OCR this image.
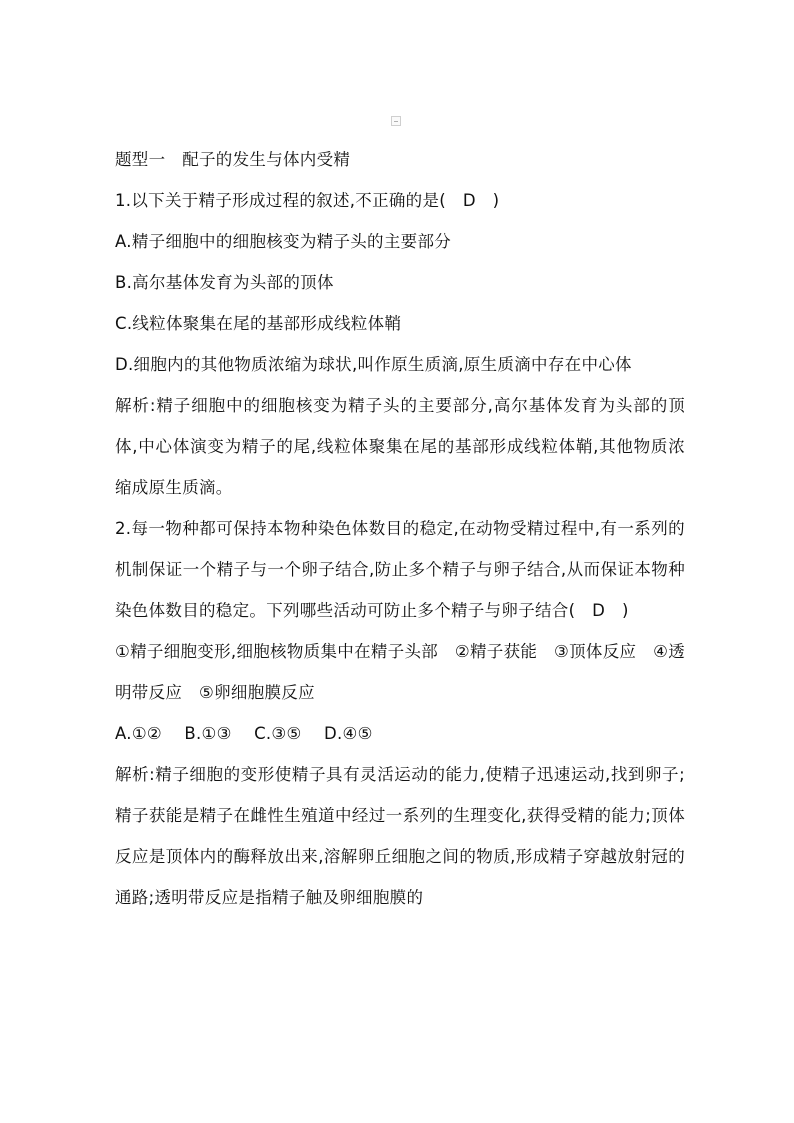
题型一　配子的发生与体内受精
1.以下关于精子形成过程的叙述,不正确的是(　D　)
A.精子细胞中的细胞核变为精子头的主要部分
B.高尔基体发育为头部的顶体
C.线粒体聚集在尾的基部形成线粒体鞘
D.细胞内的其他物质浓缩为球状,叫作原生质滴,原生质滴中存在中心体
解析:精子细胞中的细胞核变为精子头的主要部分,高尔基体发育为头部的顶体,中心体演变为精子的尾,线粒体聚集在尾的基部形成线粒体鞘,其他物质浓缩成原生质滴。
2.每一物种都可保持本物种染色体数目的稳定,在动物受精过程中,有一系列的机制保证一个精子与一个卵子结合,防止多个精子与卵子结合,从而保证本物种染色体数目的稳定。下列哪些活动可防止多个精子与卵子结合(　D　)
①精子细胞变形,细胞核物质集中在精子头部　②精子获能　③顶体反应　④透明带反应　⑤卵细胞膜反应
A.①②　 B.①③　 C.③⑤　 D.④⑤
解析:精子细胞的变形使精子具有灵活运动的能力,使精子迅速运动,找到卵子;精子获能是精子在雌性生殖道中经过一系列的生理变化,获得受精的能力;顶体反应是顶体内的酶释放出来,溶解卵丘细胞之间的物质,形成精子穿越放射冠的通路;透明带反应是指精子触及卵细胞膜的
